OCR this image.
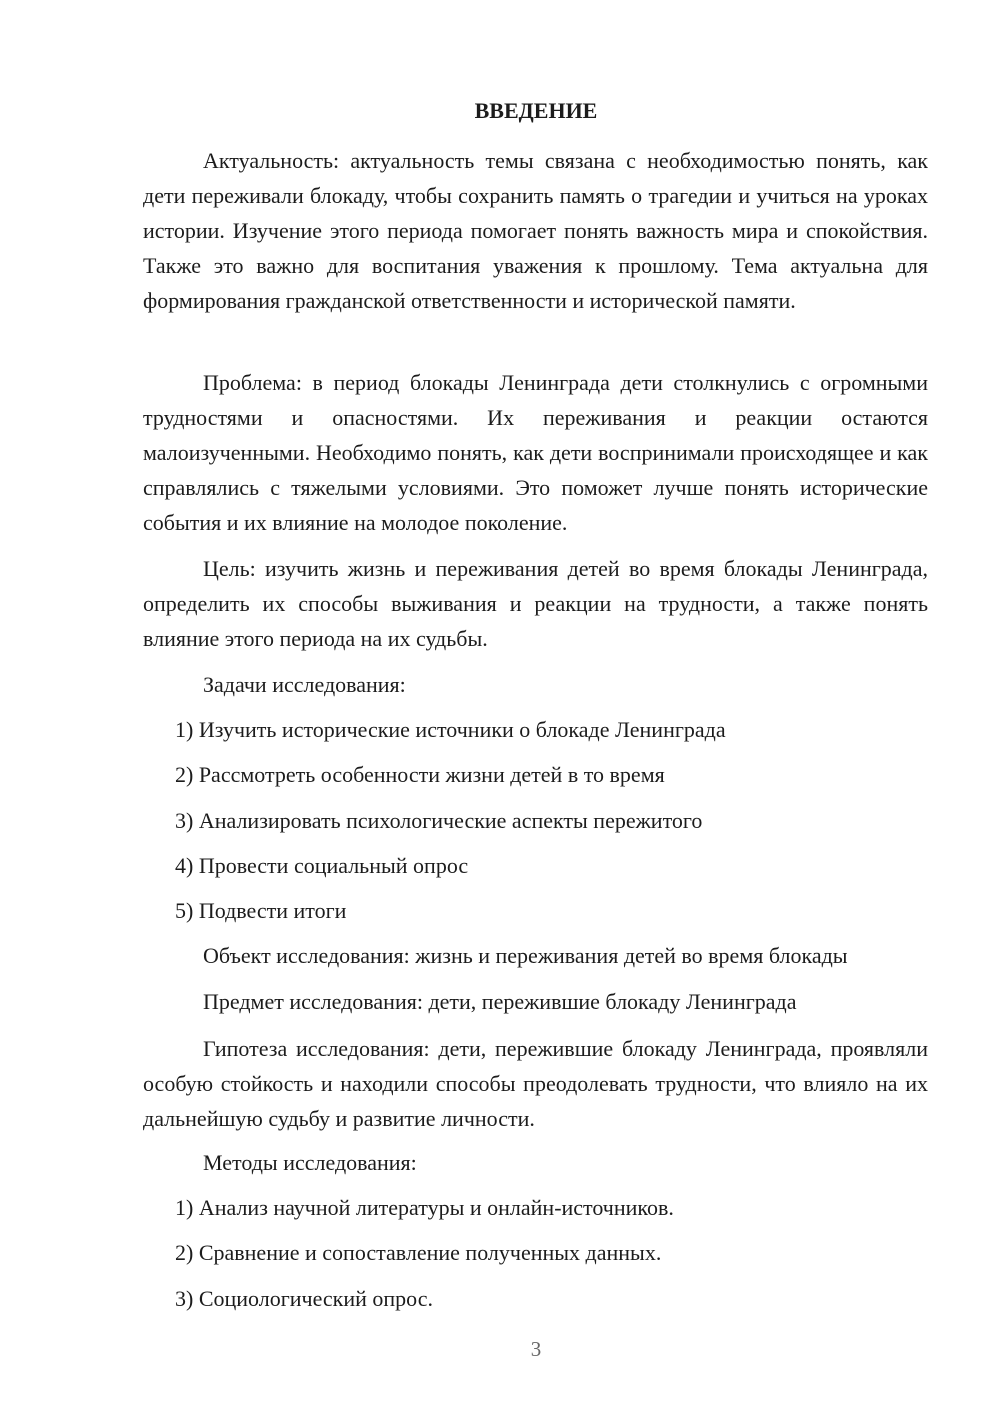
ВВЕДЕНИЕ

Актуальность: актуальность темы связана с необходимостью понять, как дети переживали блокаду, чтобы сохранить память о трагедии и учиться на уроках истории. Изучение этого периода помогает понять важность мира и спокойствия. Также это важно для воспитания уважения к прошлому. Тема актуальна для формирования гражданской ответственности и исторической памяти.

Проблема: в период блокады Ленинграда дети столкнулись с огромными трудностями и опасностями. Их переживания и реакции остаются малоизученными. Необходимо понять, как дети воспринимали происходящее и как справлялись с тяжелыми условиями. Это поможет лучше понять исторические события и их влияние на молодое поколение.

Цель: изучить жизнь и переживания детей во время блокады Ленинграда, определить их способы выживания и реакции на трудности, а также понять влияние этого периода на их судьбы.

Задачи исследования:

1) Изучить исторические источники о блокаде Ленинграда

2) Рассмотреть особенности жизни детей в то время

3) Анализировать психологические аспекты пережитого

4) Провести социальный опрос

5) Подвести итоги

Объект исследования: жизнь и переживания детей во время блокады

Предмет исследования: дети, пережившие блокаду Ленинграда

Гипотеза исследования: дети, пережившие блокаду Ленинграда, проявляли особую стойкость и находили способы преодолевать трудности, что влияло на их дальнейшую судьбу и развитие личности.

Методы исследования:

1) Анализ научной литературы и онлайн-источников.

2) Сравнение и сопоставление полученных данных.

3) Социологический опрос.

3
